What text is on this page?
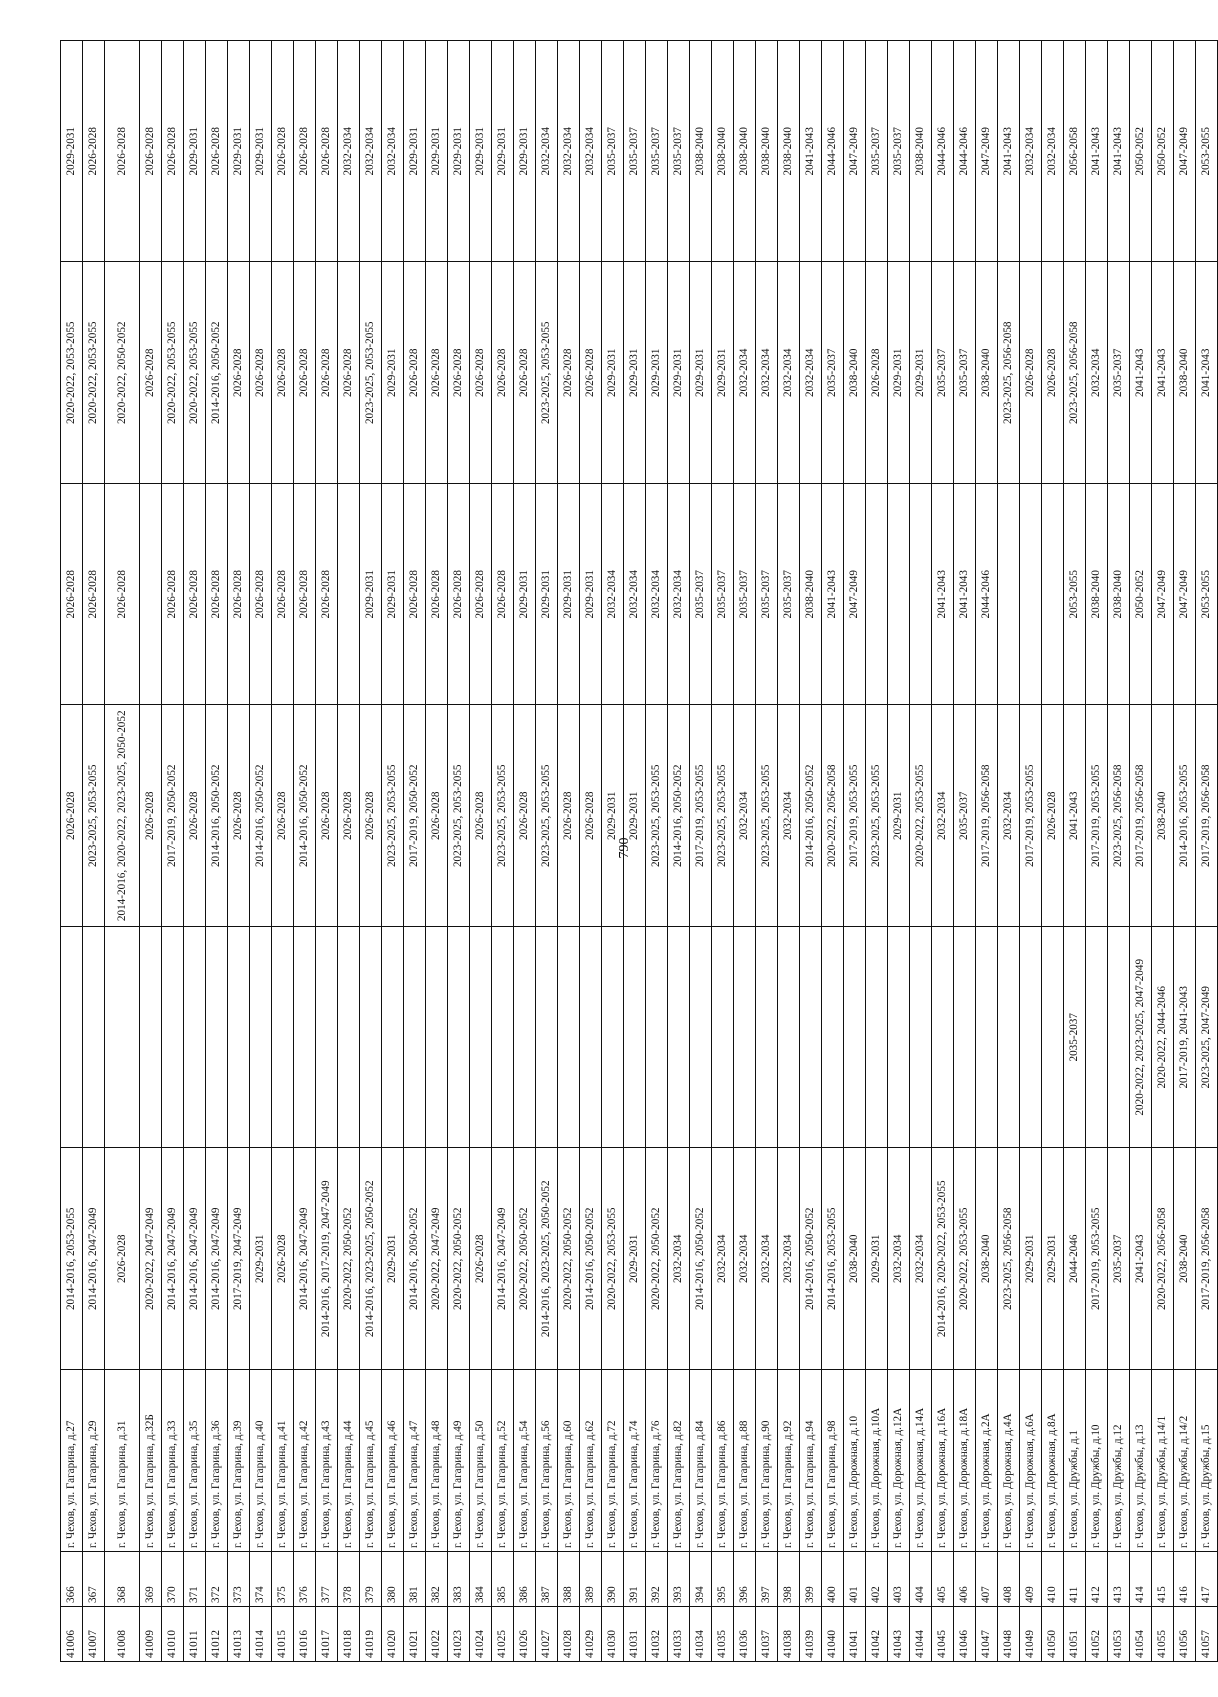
41006	366	г. Чехов, ул. Гагарина, д.27	2014-2016, 2053-2055		2026-2028	2026-2028	2020-2022, 2053-2055	2029-2031
41007	367	г. Чехов, ул. Гагарина, д.29	2014-2016, 2047-2049		2023-2025, 2053-2055	2026-2028	2020-2022, 2053-2055	2026-2028
41008	368	г. Чехов, ул. Гагарина, д.31	2026-2028		2014-2016, 2020-2022, 2023-2025, 2050-2052	2026-2028	2020-2022, 2050-2052	2026-2028
41009	369	г. Чехов, ул. Гагарина, д.32Б	2020-2022, 2047-2049		2026-2028		2026-2028	2026-2028
41010	370	г. Чехов, ул. Гагарина, д.33	2014-2016, 2047-2049		2017-2019, 2050-2052	2026-2028	2020-2022, 2053-2055	2026-2028
41011	371	г. Чехов, ул. Гагарина, д.35	2014-2016, 2047-2049		2026-2028	2026-2028	2020-2022, 2053-2055	2029-2031
41012	372	г. Чехов, ул. Гагарина, д.36	2014-2016, 2047-2049		2014-2016, 2050-2052	2026-2028	2014-2016, 2050-2052	2026-2028
41013	373	г. Чехов, ул. Гагарина, д.39	2017-2019, 2047-2049		2026-2028	2026-2028	2026-2028	2029-2031
41014	374	г. Чехов, ул. Гагарина, д.40	2029-2031		2014-2016, 2050-2052	2026-2028	2026-2028	2029-2031
41015	375	г. Чехов, ул. Гагарина, д.41	2026-2028		2026-2028	2026-2028	2026-2028	2026-2028
41016	376	г. Чехов, ул. Гагарина, д.42	2014-2016, 2047-2049		2014-2016, 2050-2052	2026-2028	2026-2028	2026-2028
41017	377	г. Чехов, ул. Гагарина, д.43	2014-2016, 2017-2019, 2047-2049		2026-2028	2026-2028	2026-2028	2026-2028
41018	378	г. Чехов, ул. Гагарина, д.44	2020-2022, 2050-2052		2026-2028		2026-2028	2032-2034
41019	379	г. Чехов, ул. Гагарина, д.45	2014-2016, 2023-2025, 2050-2052		2026-2028	2029-2031	2023-2025, 2053-2055	2032-2034
41020	380	г. Чехов, ул. Гагарина, д.46	2029-2031		2023-2025, 2053-2055	2029-2031	2029-2031	2032-2034
41021	381	г. Чехов, ул. Гагарина, д.47	2014-2016, 2050-2052		2017-2019, 2050-2052	2026-2028	2026-2028	2029-2031
41022	382	г. Чехов, ул. Гагарина, д.48	2020-2022, 2047-2049		2026-2028	2026-2028	2026-2028	2029-2031
41023	383	г. Чехов, ул. Гагарина, д.49	2020-2022, 2050-2052		2023-2025, 2053-2055	2026-2028	2026-2028	2029-2031
41024	384	г. Чехов, ул. Гагарина, д.50	2026-2028		2026-2028	2026-2028	2026-2028	2029-2031
41025	385	г. Чехов, ул. Гагарина, д.52	2014-2016, 2047-2049		2023-2025, 2053-2055	2026-2028	2026-2028	2029-2031
41026	386	г. Чехов, ул. Гагарина, д.54	2020-2022, 2050-2052		2026-2028	2029-2031	2026-2028	2029-2031
41027	387	г. Чехов, ул. Гагарина, д.56	2014-2016, 2023-2025, 2050-2052		2023-2025, 2053-2055	2029-2031	2023-2025, 2053-2055	2032-2034
41028	388	г. Чехов, ул. Гагарина, д.60	2020-2022, 2050-2052		2026-2028	2029-2031	2026-2028	2032-2034
41029	389	г. Чехов, ул. Гагарина, д.62	2014-2016, 2050-2052		2026-2028	2029-2031	2026-2028	2032-2034
41030	390	г. Чехов, ул. Гагарина, д.72	2020-2022, 2053-2055		2029-2031	2032-2034	2029-2031	2035-2037
41031	391	г. Чехов, ул. Гагарина, д.74	2029-2031		2029-2031	2032-2034	2029-2031	2035-2037
41032	392	г. Чехов, ул. Гагарина, д.76	2020-2022, 2050-2052		2023-2025, 2053-2055	2032-2034	2029-2031	2035-2037
41033	393	г. Чехов, ул. Гагарина, д.82	2032-2034		2014-2016, 2050-2052	2032-2034	2029-2031	2035-2037
41034	394	г. Чехов, ул. Гагарина, д.84	2014-2016, 2050-2052		2017-2019, 2053-2055	2035-2037	2029-2031	2038-2040
41035	395	г. Чехов, ул. Гагарина, д.86	2032-2034		2023-2025, 2053-2055	2035-2037	2029-2031	2038-2040
41036	396	г. Чехов, ул. Гагарина, д.88	2032-2034		2032-2034	2035-2037	2032-2034	2038-2040
41037	397	г. Чехов, ул. Гагарина, д.90	2032-2034		2023-2025, 2053-2055	2035-2037	2032-2034	2038-2040
41038	398	г. Чехов, ул. Гагарина, д.92	2032-2034		2032-2034	2035-2037	2032-2034	2038-2040
41039	399	г. Чехов, ул. Гагарина, д.94	2014-2016, 2050-2052		2014-2016, 2050-2052	2038-2040	2032-2034	2041-2043
41040	400	г. Чехов, ул. Гагарина, д.98	2014-2016, 2053-2055		2020-2022, 2056-2058	2041-2043	2035-2037	2044-2046
41041	401	г. Чехов, ул. Дорожная, д.10	2038-2040		2017-2019, 2053-2055	2047-2049	2038-2040	2047-2049
41042	402	г. Чехов, ул. Дорожная, д.10А	2029-2031		2023-2025, 2053-2055		2026-2028	2035-2037
41043	403	г. Чехов, ул. Дорожная, д.12А	2032-2034		2029-2031		2029-2031	2035-2037
41044	404	г. Чехов, ул. Дорожная, д.14А	2032-2034		2020-2022, 2053-2055		2029-2031	2038-2040
41045	405	г. Чехов, ул. Дорожная, д.16А	2014-2016, 2020-2022, 2053-2055		2032-2034	2041-2043	2035-2037	2044-2046
41046	406	г. Чехов, ул. Дорожная, д.18А	2020-2022, 2053-2055		2035-2037	2041-2043	2035-2037	2044-2046
41047	407	г. Чехов, ул. Дорожная, д.2А	2038-2040		2017-2019, 2056-2058	2044-2046	2038-2040	2047-2049
41048	408	г. Чехов, ул. Дорожная, д.4А	2023-2025, 2056-2058		2032-2034		2023-2025, 2056-2058	2041-2043
41049	409	г. Чехов, ул. Дорожная, д.6А	2029-2031		2017-2019, 2053-2055		2026-2028	2032-2034
41050	410	г. Чехов, ул. Дорожная, д.8А	2029-2031		2026-2028		2026-2028	2032-2034
41051	411	г. Чехов, ул. Дружбы, д.1	2044-2046	2035-2037	2041-2043	2053-2055	2023-2025, 2056-2058	2056-2058
41052	412	г. Чехов, ул. Дружбы, д.10	2017-2019, 2053-2055		2017-2019, 2053-2055	2038-2040	2032-2034	2041-2043
41053	413	г. Чехов, ул. Дружбы, д.12	2035-2037		2023-2025, 2056-2058	2038-2040	2035-2037	2041-2043
41054	414	г. Чехов, ул. Дружбы, д.13	2041-2043	2020-2022, 2023-2025, 2047-2049	2017-2019, 2056-2058	2050-2052	2041-2043	2050-2052
41055	415	г. Чехов, ул. Дружбы, д.14/1	2020-2022, 2056-2058	2020-2022, 2044-2046	2038-2040	2047-2049	2041-2043	2050-2052
41056	416	г. Чехов, ул. Дружбы, д.14/2	2038-2040	2017-2019, 2041-2043	2014-2016, 2053-2055	2047-2049	2038-2040	2047-2049
41057	417	г. Чехов, ул. Дружбы, д.15	2017-2019, 2056-2058	2023-2025, 2047-2049	2017-2019, 2056-2058	2053-2055	2041-2043	2053-2055
790
